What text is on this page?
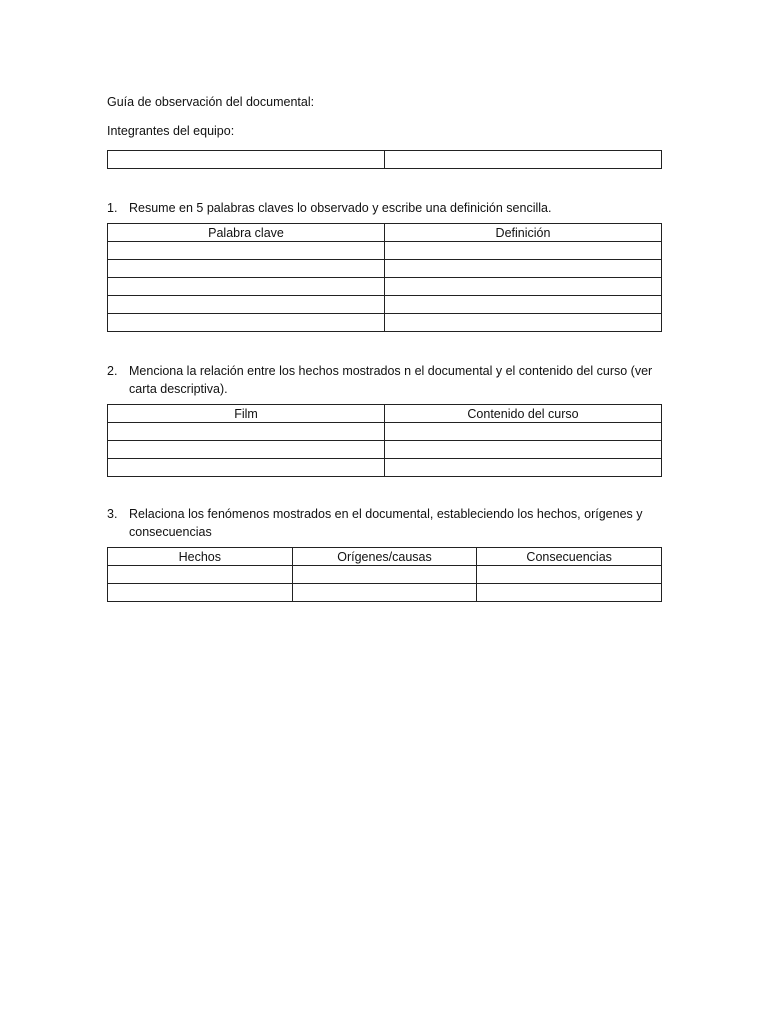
Guía de observación del documental:

Integrantes del equipo:

1. Resume en 5 palabras claves lo observado y escribe una definición sencilla.

Palabra clave	Definición

2. Menciona la relación entre los hechos mostrados n el documental y el contenido del curso (ver carta descriptiva).

Film	Contenido del curso

3. Relaciona los fenómenos mostrados en el documental, estableciendo los hechos, orígenes y consecuencias

Hechos	Orígenes/causas	Consecuencias
